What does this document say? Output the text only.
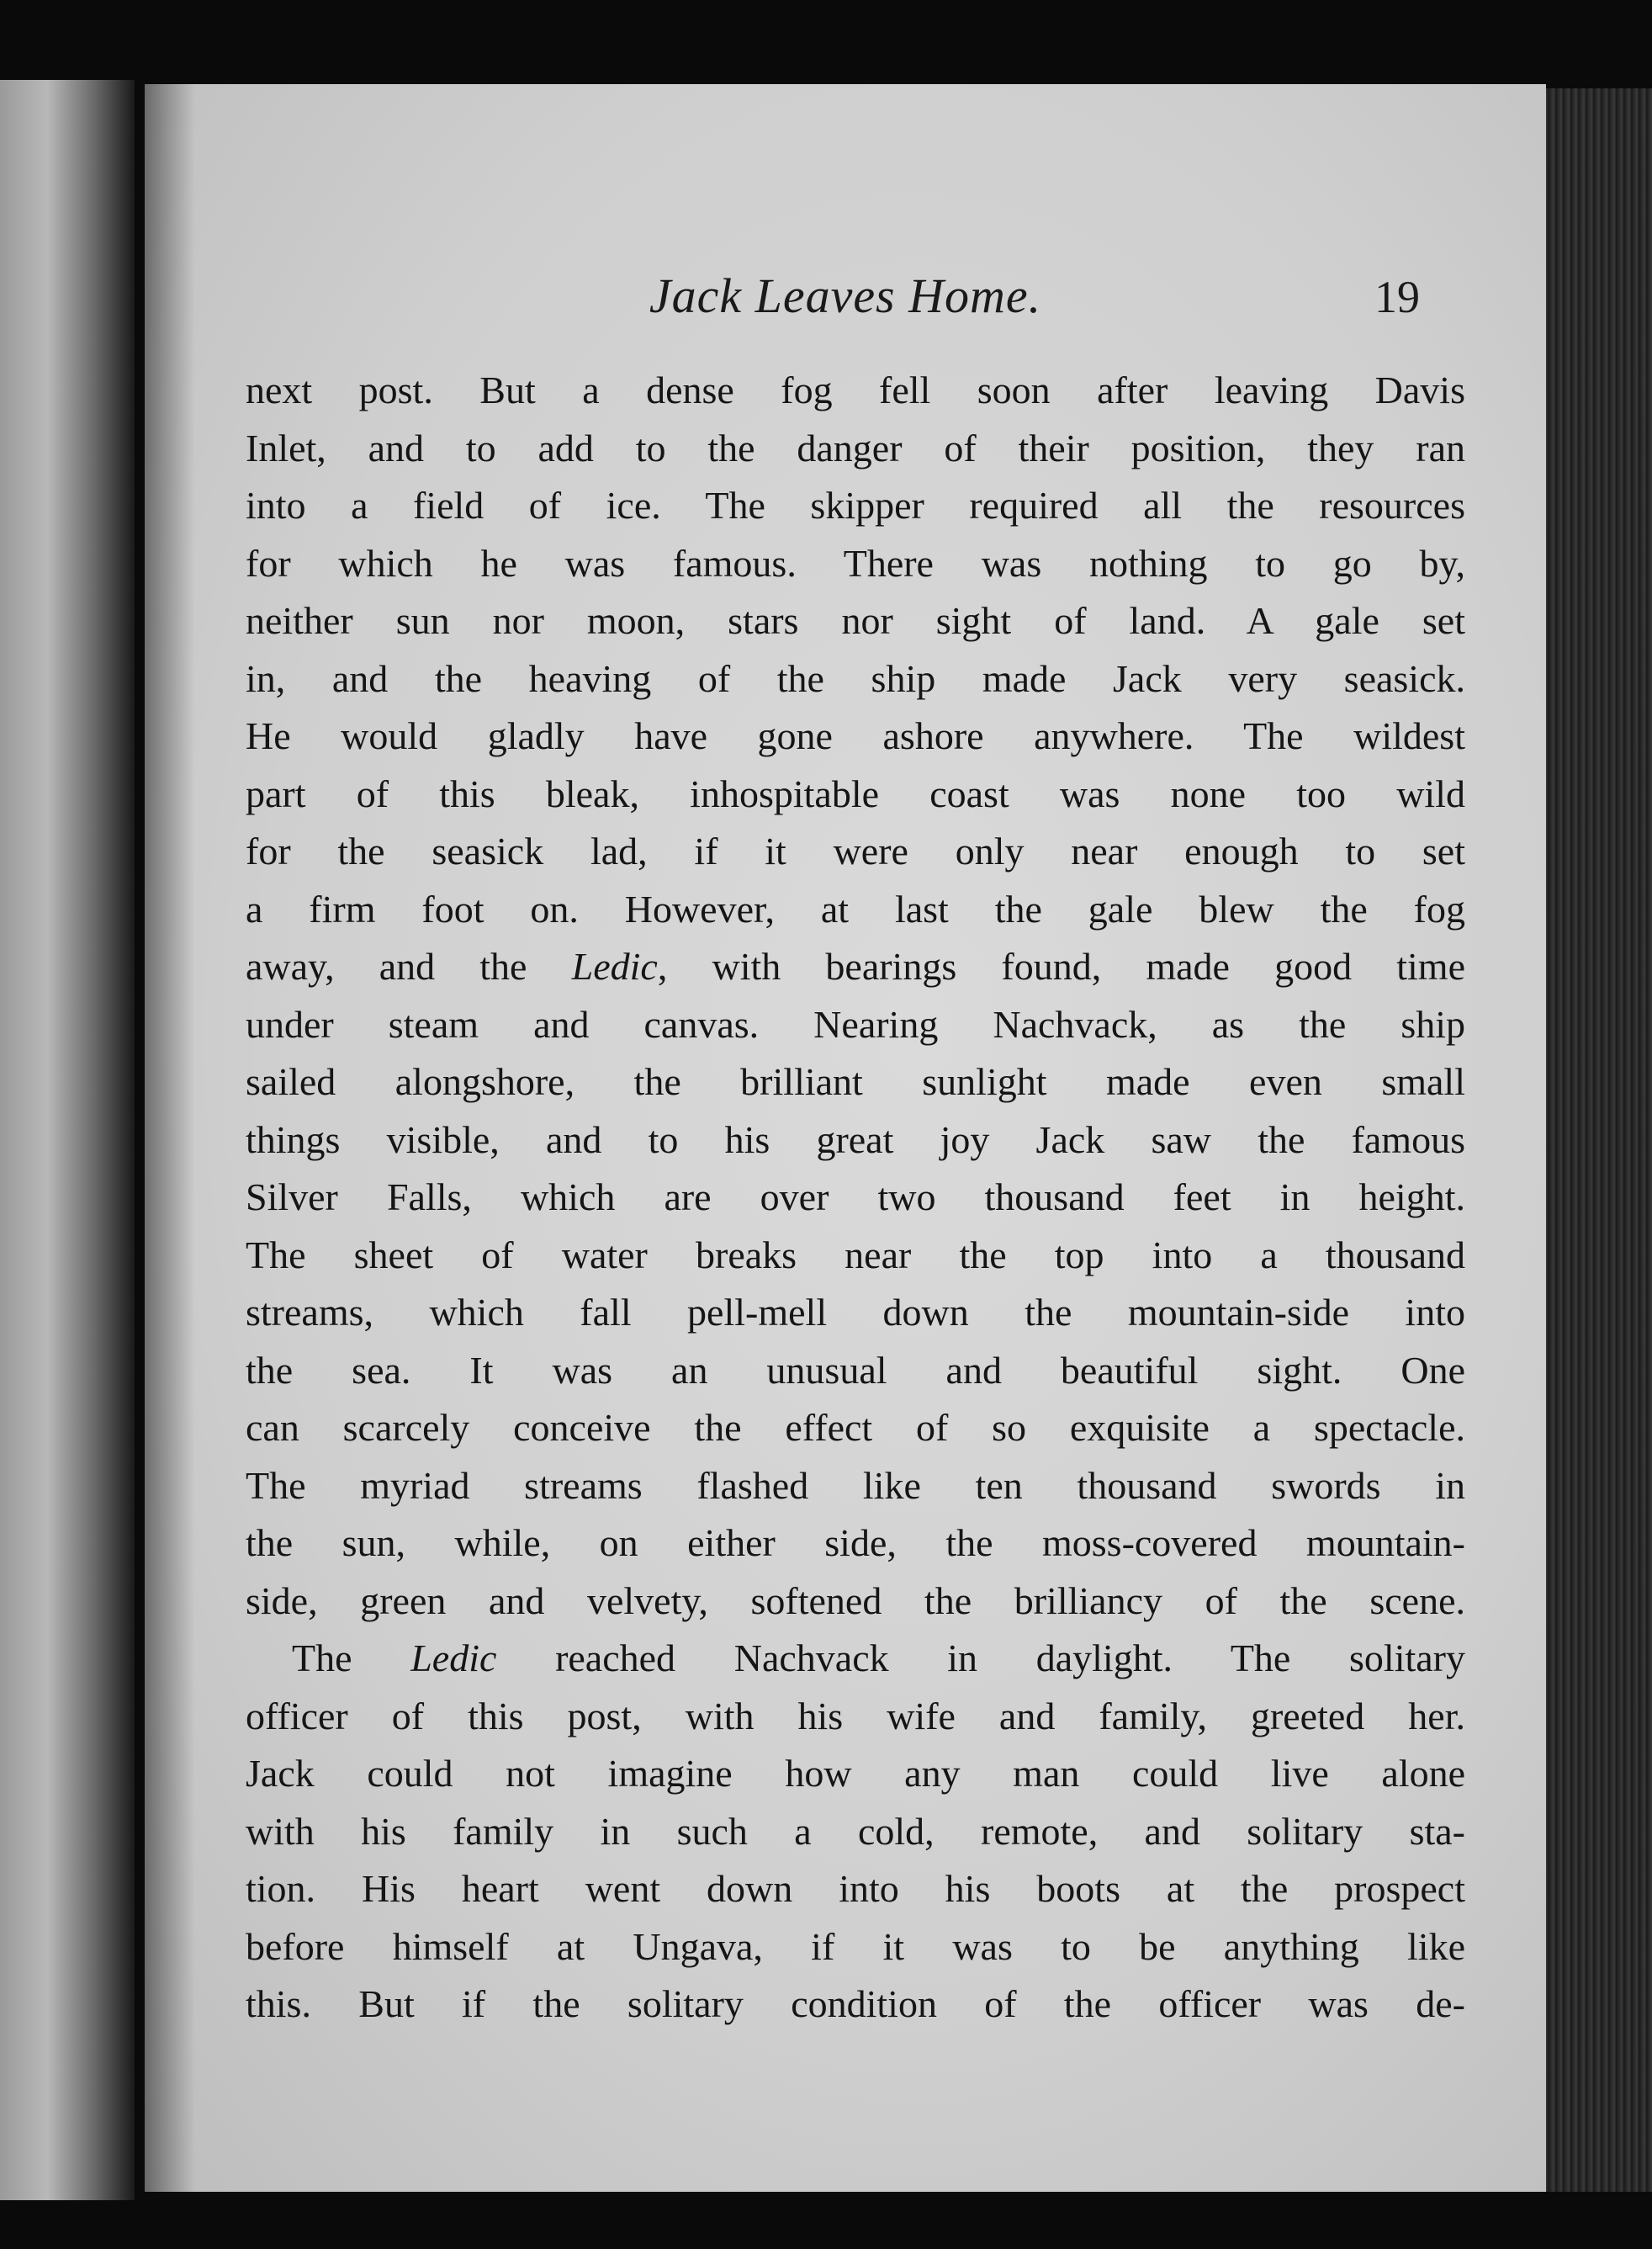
Jack Leaves Home.	19
next post. But a dense fog fell soon after leaving Davis
Inlet, and to add to the danger of their position, they ran
into a field of ice. The skipper required all the resources
for which he was famous. There was nothing to go by,
neither sun nor moon, stars nor sight of land. A gale set
in, and the heaving of the ship made Jack very seasick.
He would gladly have gone ashore anywhere. The wildest
part of this bleak, inhospitable coast was none too wild
for the seasick lad, if it were only near enough to set
a firm foot on. However, at last the gale blew the fog
away, and the Ledic, with bearings found, made good time
under steam and canvas. Nearing Nachvack, as the ship
sailed alongshore, the brilliant sunlight made even small
things visible, and to his great joy Jack saw the famous
Silver Falls, which are over two thousand feet in height.
The sheet of water breaks near the top into a thousand
streams, which fall pell-mell down the mountain-side into
the sea. It was an unusual and beautiful sight. One
can scarcely conceive the effect of so exquisite a spectacle.
The myriad streams flashed like ten thousand swords in
the sun, while, on either side, the moss-covered mountain-
side, green and velvety, softened the brilliancy of the scene.
The Ledic reached Nachvack in daylight. The solitary
officer of this post, with his wife and family, greeted her.
Jack could not imagine how any man could live alone
with his family in such a cold, remote, and solitary sta-
tion. His heart went down into his boots at the prospect
before himself at Ungava, if it was to be anything like
this. But if the solitary condition of the officer was de-
